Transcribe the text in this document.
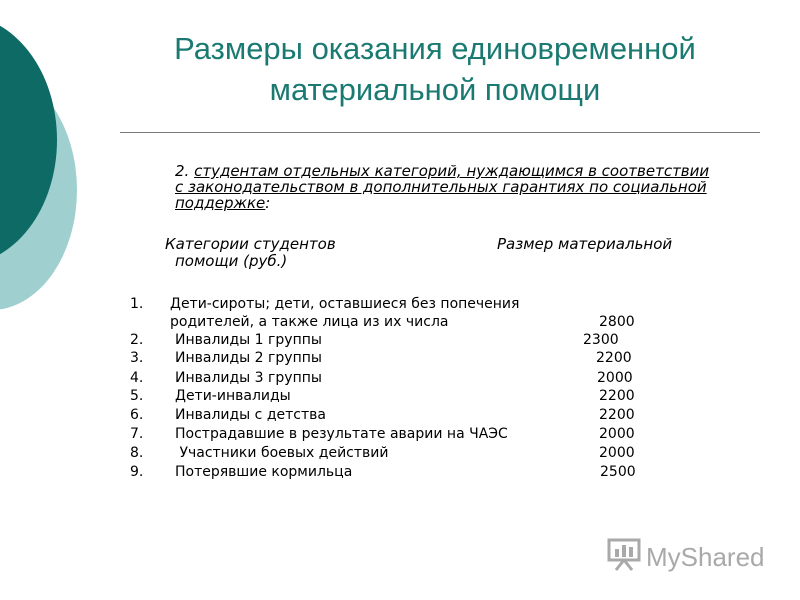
Размеры оказания единовременной
материальной помощи
2. студентам отдельных категорий, нуждающимся в соответствии с законодательством в дополнительных гарантиях по социальной поддержке:
Категории студентов	Размер материальной
помощи (руб.)
1. Дети-сироты; дети, оставшиеся без попечения
родителей, а также лица из их числа	2800
2. Инвалиды 1 группы	2300
3. Инвалиды 2 группы	2200
4. Инвалиды 3 группы	2000
5. Дети-инвалиды	2200
6. Инвалиды с детства	2200
7. Пострадавшие в результате аварии на ЧАЭС	2000
8. Участники боевых действий	2000
9. Потерявшие кормильца	2500
MyShared
